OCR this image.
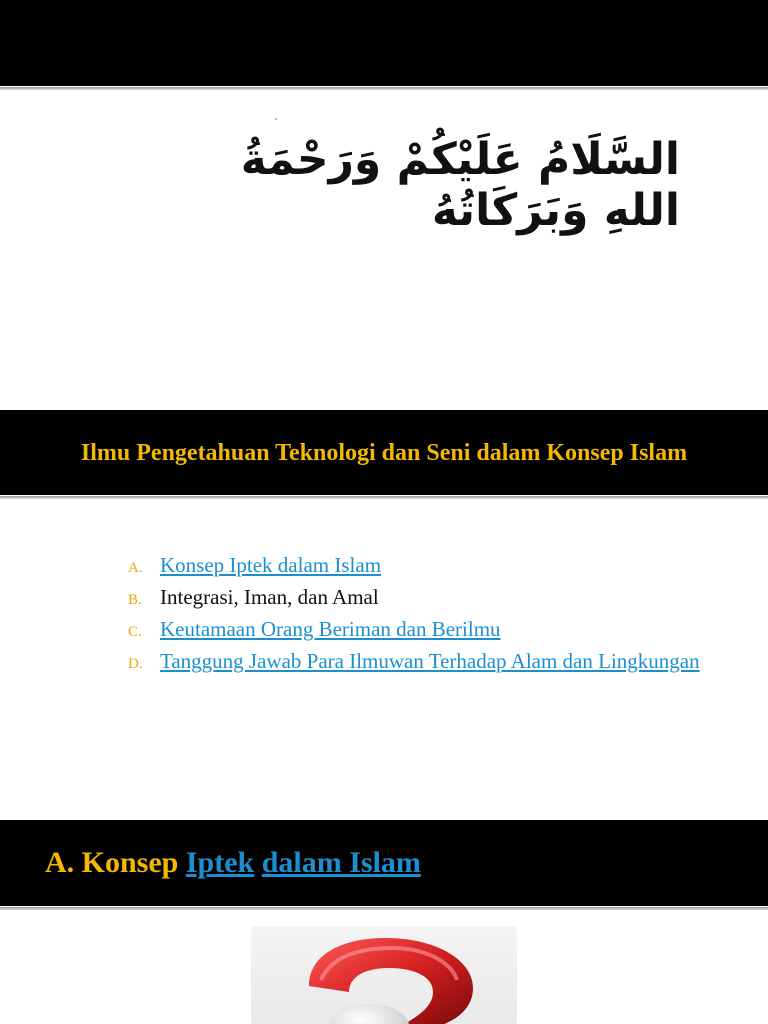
السَّلَامُ عَلَيْكُمْ وَرَحْمَةُ اللهِ وَبَرَكَاتُهُ
Ilmu Pengetahuan Teknologi dan Seni dalam Konsep Islam
A. Konsep Iptek dalam Islam
B. Integrasi, Iman, dan Amal
C. Keutamaan Orang Beriman dan Berilmu
D. Tanggung Jawab Para Ilmuwan Terhadap Alam dan Lingkungan
A. Konsep Iptek dalam Islam
